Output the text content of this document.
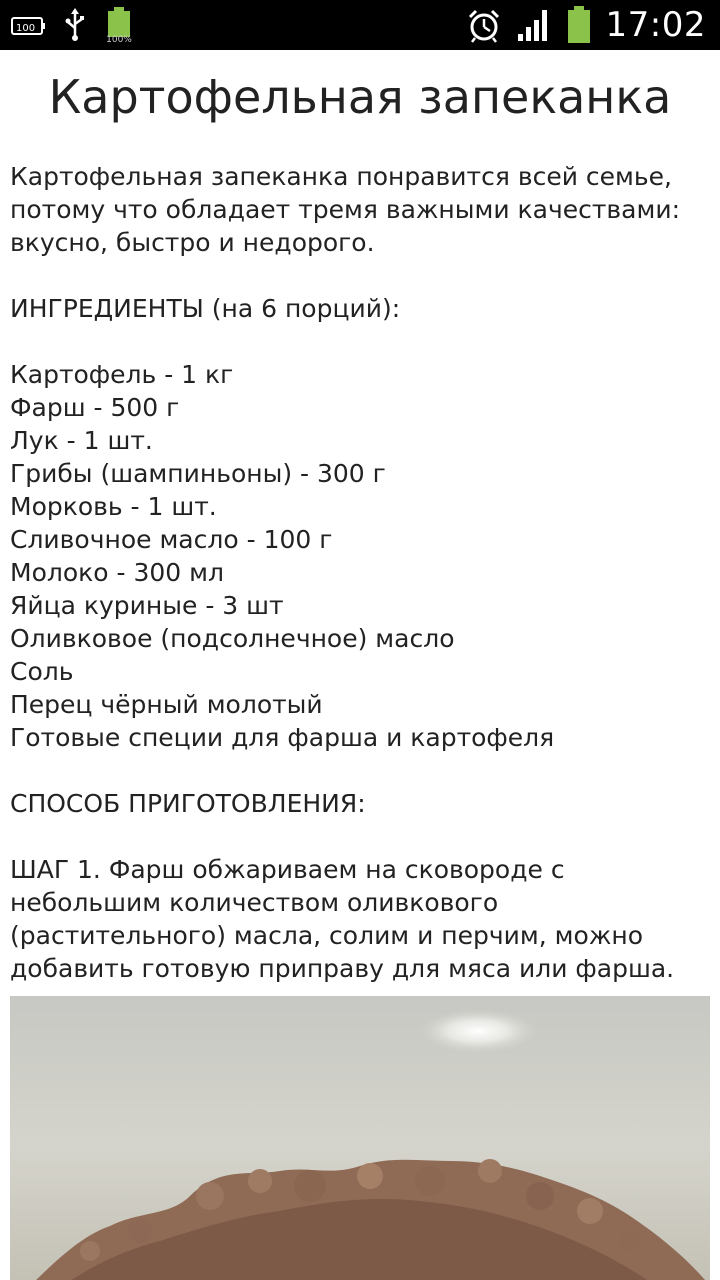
100
100%	17:02
Картофельная запеканка
Картофельная запеканка понравится всей семье,
потому что обладает тремя важными качествами:
вкусно, быстро и недорого.
ИНГРЕДИЕНТЫ (на 6 порций):
Картофель - 1 кг
Фарш - 500 г
Лук - 1 шт.
Грибы (шампиньоны) - 300 г
Морковь - 1 шт.
Сливочное масло - 100 г
Молоко - 300 мл
Яйца куриные - 3 шт
Оливковое (подсолнечное) масло
Соль
Перец чёрный молотый
Готовые специи для фарша и картофеля
СПОСОБ ПРИГОТОВЛЕНИЯ:
ШАГ 1. Фарш обжариваем на сковороде с
небольшим количеством оливкового
(растительного) масла, солим и перчим, можно
добавить готовую приправу для мяса или фарша.
